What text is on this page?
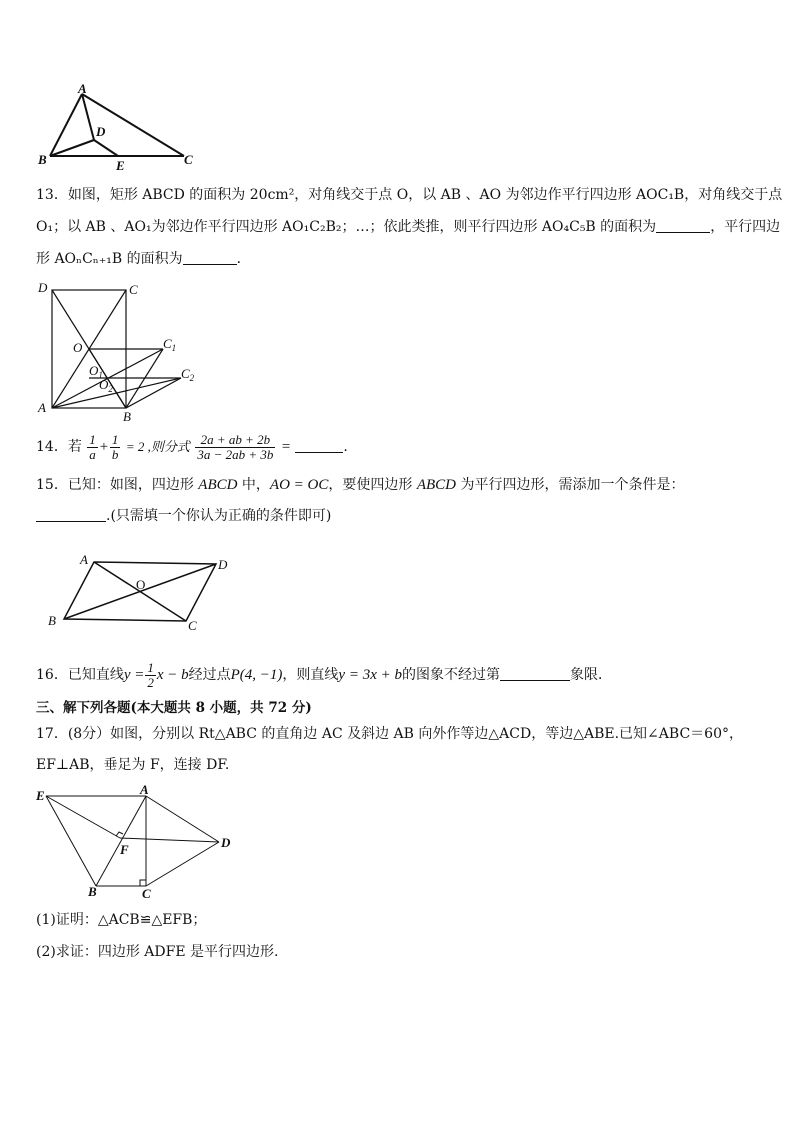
A
B	C
D
E
13．如图，矩形 ABCD 的面积为 20cm²，对角线交于点 O，以 AB 、AO 为邻边作平行四边形 AOC₁B，对角线交于点
O₁；以 AB 、AO₁为邻边作平行四边形 AO₁C₂B₂；…；依此类推，则平行四边形 AO₄C₅B 的面积为	，平行四边
形 AOₙCₙ₊₁B 的面积为	．
D	C
O
$O_1$
$O_2$
$C_1$
$C_2$
A
B
14．若 $\frac{1}{a} + \frac{1}{b} = 2$ ,则分式 $\frac{2a + ab + 2b}{3a - 2ab + 3b}$ =	.
15．已知：如图，四边形 ABCD 中，AO = OC，要使四边形 ABCD 为平行四边形，需添加一个条件是：
.(只需填一个你认为正确的条件即可)
A	D
B	C
O
16．已知直线$y = \frac{1}{2}$ x − b经过点P(4, −1)，则直线y = 3x + b的图象不经过第	象限．
三、解下列各题(本大题共 8 小题，共 72 分)
17．(8分）如图，分别以 Rt△ABC 的直角边 AC 及斜边 AB 向外作等边△ACD，等边△ABE.已知∠ABC＝60°，
EF⊥AB，垂足为 F，连接 DF.
E	A
D
F
B	C
(1)证明：△ACB≌△EFB；
(2)求证：四边形 ADFE 是平行四边形.
